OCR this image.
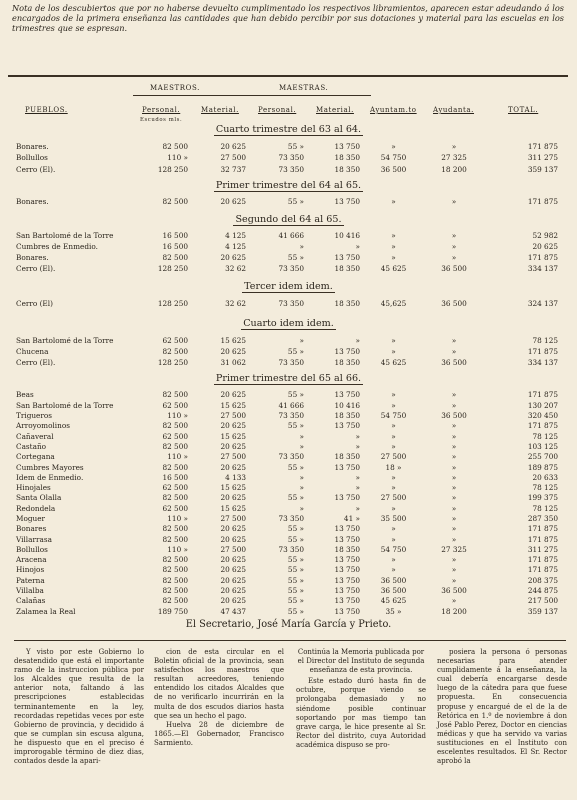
Nota de los descubiertos que por no haberse devuelto cumplimentado los respectivos libramientos, aparecen estar adeudando á los encargados de la primera enseñanza las cantidades que han debido percibir por sus dotaciones y material para las escuelas en los trimestres que se espresan.
MAESTROS.	MAESTRAS.
PUEBLOS.	Personal.	Material.	Personal.	Material. Ayuntam.to Ayudanta.	TOTAL.
Escudos mls.
Cuarto trimestre del 63 al 64.
Bonares.	82 500	20 625	55 »	13 750	»	»	171 875
Bollullos	110 »	27 500	73 350	18 350	54 750	27 325	311 275
Cerro (El).	128 250	32 737	73 350	18 350	36 500	18 200	359 137
Primer trimestre del 64 al 65.
Bonares.	82 500	20 625	55 »	13 750	»	»	171 875
Segundo del 64 al 65.
San Bartolomé de la Torre	16 500	4 125	41 666	10 416	»	»	52 982
Cumbres de Enmedio.	16 500	4 125	»	»	»	»	20 625
Bonares.	82 500	20 625	55 »	13 750	»	»	171 875
Cerro (El).	128 250	32 62	73 350	18 350	45 625	36 500	334 137
Tercer idem idem.
Cerro (El)	128 250	32 62	73 350	18 350	45,625	36 500	324 137
Cuarto idem idem.
San Bartolomé de la Torre	62 500	15 625	»	»	»	»	78 125
Chucena	82 500	20 625	55 »	13 750	»	»	171 875
Cerro (El).	128 250	31 062	73 350	18 350	45 625	36 500	334 137
Primer trimestre del 65 al 66.
Beas	82 500	20 625	55 »	13 750	»	»	171 875
San Bartolomé de la Torre	62 500	15 625	41 666	10 416	»	»	130 207
Trigueros	110 »	27 500	73 350	18 350	54 750	36 500	320 450
Arroyomolinos	82 500	20 625	55 »	13 750	»	»	171 875
Cañaveral	62 500	15 625	»	»	»	»	78 125
Castaño	82 500	20 625	»	»	»	»	103 125
Cortegana	110 »	27 500	73 350	18 350	27 500	»	255 700
Cumbres Mayores	82 500	20 625	55 »	13 750	18 »	»	189 875
Idem de Enmedio.	16 500	4 133	»	»	»	»	20 633
Hinojales	62 500	15 625	»	»	»	»	78 125
Santa Olalla	82 500	20 625	55 »	13 750	27 500	»	199 375
Redondela	62 500	15 625	»	»	»	»	78 125
Moguer	110 »	27 500	73 350	41 »	35 500	»	287 350
Bonares	82 500	20 625	55 »	13 750	»	»	171 875
Villarrasa	82 500	20 625	55 »	13 750	»	»	171 875
Bollullos	110 »	27 500	73 350	18 350	54 750	27 325	311 275
Aracena	82 500	20 625	55 »	13 750	»	»	171 875
Hinojos	82 500	20 625	55 »	13 750	»	»	171 875
Paterna	82 500	20 625	55 »	13 750	36 500	»	208 375
Villalba	82 500	20 625	55 »	13 750	36 500	36 500	244 875
Calañas	82 500	20 625	55 »	13 750	45 625	»	217 500
Zalamea la Real	189 750	47 437	55 »	13 750	35 »	18 200	359 137
El Secretario, José María García y Prieto.

Y visto por este Gobierno lo desatendido que está el importante ramo de la instruccion pública por los Alcaldes que resulta de la anterior nota, faltando á las prescripciones establecidas terminantemente en la ley, recordadas repetidas veces por este Gobierno de provincia, y decidido á que se cumplan sin escusa alguna, he dispuesto que en el preciso é improrogable término de diez dias, contados desde la apari-

cion de esta circular en el Boletin oficial de la provincia, sean satisfechos los maestros que resultan acreedores, teniendo entendido los citados Alcaldes que de no verificarlo incurrirán en la multa de dos escudos diarios hasta que sea un hecho el pago.

Huelva 28 de diciembre de 1865.—El Gobernador, Francisco Sarmiento.

Continúa la Memoria publicada por el Director del Instituto de segunda enseñanza de esta provincia.

Este estado duró hasta fin de octubre, porque viendo se prolongaba demasiado y no siéndome posible continuar soportando por mas tiempo tan grave carga, le hice presente al Sr. Rector del distrito, cuya Autoridad académica dispuso se pro-

posiera la persona ó personas necesarias para atender cumplidamente á la enseñanza, la cual debería encargarse desde luego de la cátedra para que fuese propuesta. En consecuencia propuse y encargué de el de la de Retórica en 1.º de noviembre á don José Pablo Perez, Doctor en ciencias médicas y que ha servido va varias sustituciones en el Instituto con escelentes resultados. El Sr. Rector aprobó la
